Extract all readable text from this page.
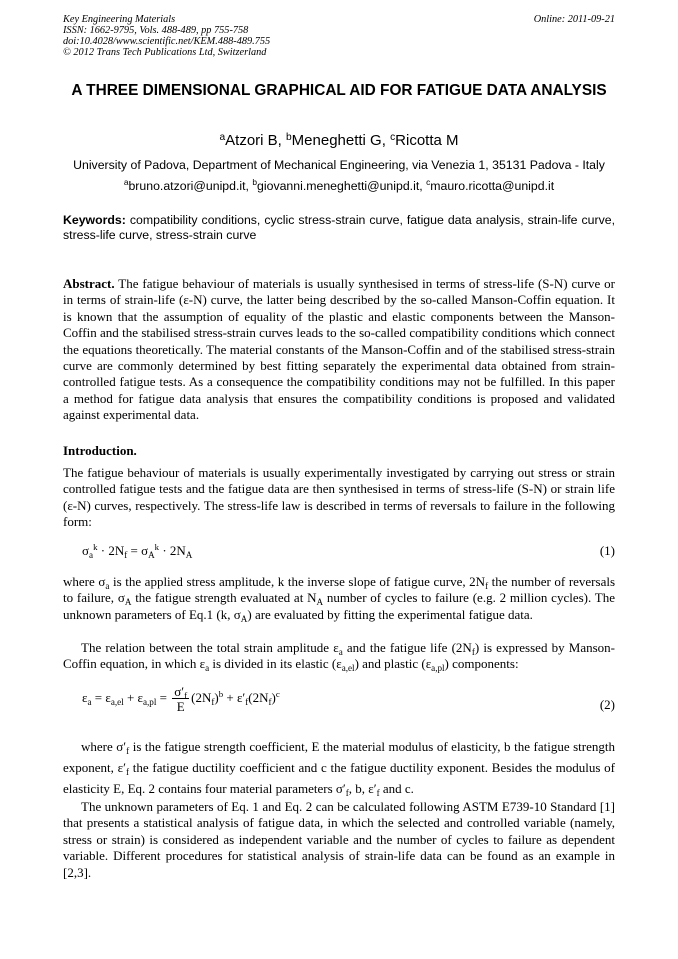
Key Engineering Materials
ISSN: 1662-9795, Vols. 488-489, pp 755-758
doi:10.4028/www.scientific.net/KEM.488-489.755
© 2012 Trans Tech Publications Ltd, Switzerland
Online: 2011-09-21
A THREE DIMENSIONAL GRAPHICAL AID FOR FATIGUE DATA ANALYSIS
$^a$Atzori B, $^b$Meneghetti G, $^c$Ricotta M
University of Padova, Department of Mechanical Engineering, via Venezia 1, 35131 Padova - Italy
$^a$bruno.atzori@unipd.it, $^b$giovanni.meneghetti@unipd.it, $^c$mauro.ricotta@unipd.it
Keywords: compatibility conditions, cyclic stress-strain curve, fatigue data analysis, strain-life curve, stress-life curve, stress-strain curve
Abstract. The fatigue behaviour of materials is usually synthesised in terms of stress-life (S-N) curve or in terms of strain-life (ε-N) curve, the latter being described by the so-called Manson-Coffin equation. It is known that the assumption of equality of the plastic and elastic components between the Manson-Coffin and the stabilised stress-strain curves leads to the so-called compatibility conditions which connect the equations theoretically. The material constants of the Manson-Coffin and of the stabilised stress-strain curve are commonly determined by best fitting separately the experimental data obtained from strain-controlled fatigue tests. As a consequence the compatibility conditions may not be fulfilled. In this paper a method for fatigue data analysis that ensures the compatibility conditions is proposed and validated against experimental data.
Introduction.
The fatigue behaviour of materials is usually experimentally investigated by carrying out stress or strain controlled fatigue tests and the fatigue data are then synthesised in terms of stress-life (S-N) or strain life (ε-N) curves, respectively. The stress-life law is described in terms of reversals to failure in the following form:
$\sigma_a^k \cdot 2N_f = \sigma_A^k \cdot 2N_A$	(1)
where $\sigma_a$ is the applied stress amplitude, k the inverse slope of fatigue curve, $2N_f$ the number of reversals to failure, $\sigma_A$ the fatigue strength evaluated at $N_A$ number of cycles to failure (e.g. 2 million cycles). The unknown parameters of Eq.1 (k, $\sigma_A$) are evaluated by fitting the experimental fatigue data.
The relation between the total strain amplitude $\varepsilon_a$ and the fatigue life $(2N_f)$ is expressed by Manson-Coffin equation, in which $\varepsilon_a$ is divided in its elastic $(\varepsilon_{a,el})$ and plastic $(\varepsilon_{a,pl})$ components:
$\varepsilon_a = \varepsilon_{a,el} + \varepsilon_{a,pl} = \frac{\sigma'_f}{E} (2N_f)^b + \varepsilon'_f(2N_f)^c$
(2)
where $\sigma'_f$ is the fatigue strength coefficient, E the material modulus of elasticity, b the fatigue strength exponent, $\varepsilon'_f$ the fatigue ductility coefficient and c the fatigue ductility exponent. Besides the modulus of elasticity E, Eq. 2 contains four material parameters $\sigma'_f$, b, $\varepsilon'_f$ and c.
The unknown parameters of Eq. 1 and Eq. 2 can be calculated following ASTM E739-10 Standard [1] that presents a statistical analysis of fatigue data, in which the selected and controlled variable (namely, stress or strain) is considered as independent variable and the number of cycles to failure as dependent variable. Different procedures for statistical analysis of strain-life data can be found as an example in [2,3].
